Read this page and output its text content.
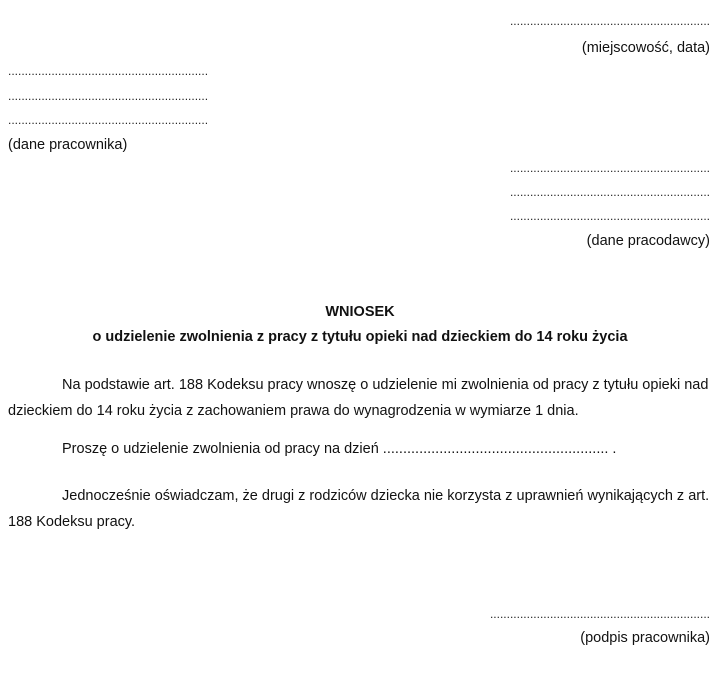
............................................................
(miejscowość, data)
............................................................
............................................................
............................................................
(dane pracownika)
............................................................
............................................................
............................................................
(dane pracodawcy)
WNIOSEK
o udzielenie zwolnienia z pracy z tytułu opieki nad dzieckiem do 14 roku życia
Na podstawie art. 188 Kodeksu pracy wnoszę o udzielenie mi zwolnienia od pracy z tytułu opieki nad dzieckiem do 14 roku życia z zachowaniem prawa do wynagrodzenia w wymiarze 1 dnia.
Proszę o udzielenie zwolnienia od pracy na dzień ........................................................ .
Jednocześnie oświadczam, że drugi z rodziców dziecka nie korzysta z uprawnień wynikających z art. 188 Kodeksu pracy.
..................................................................
(podpis pracownika)
